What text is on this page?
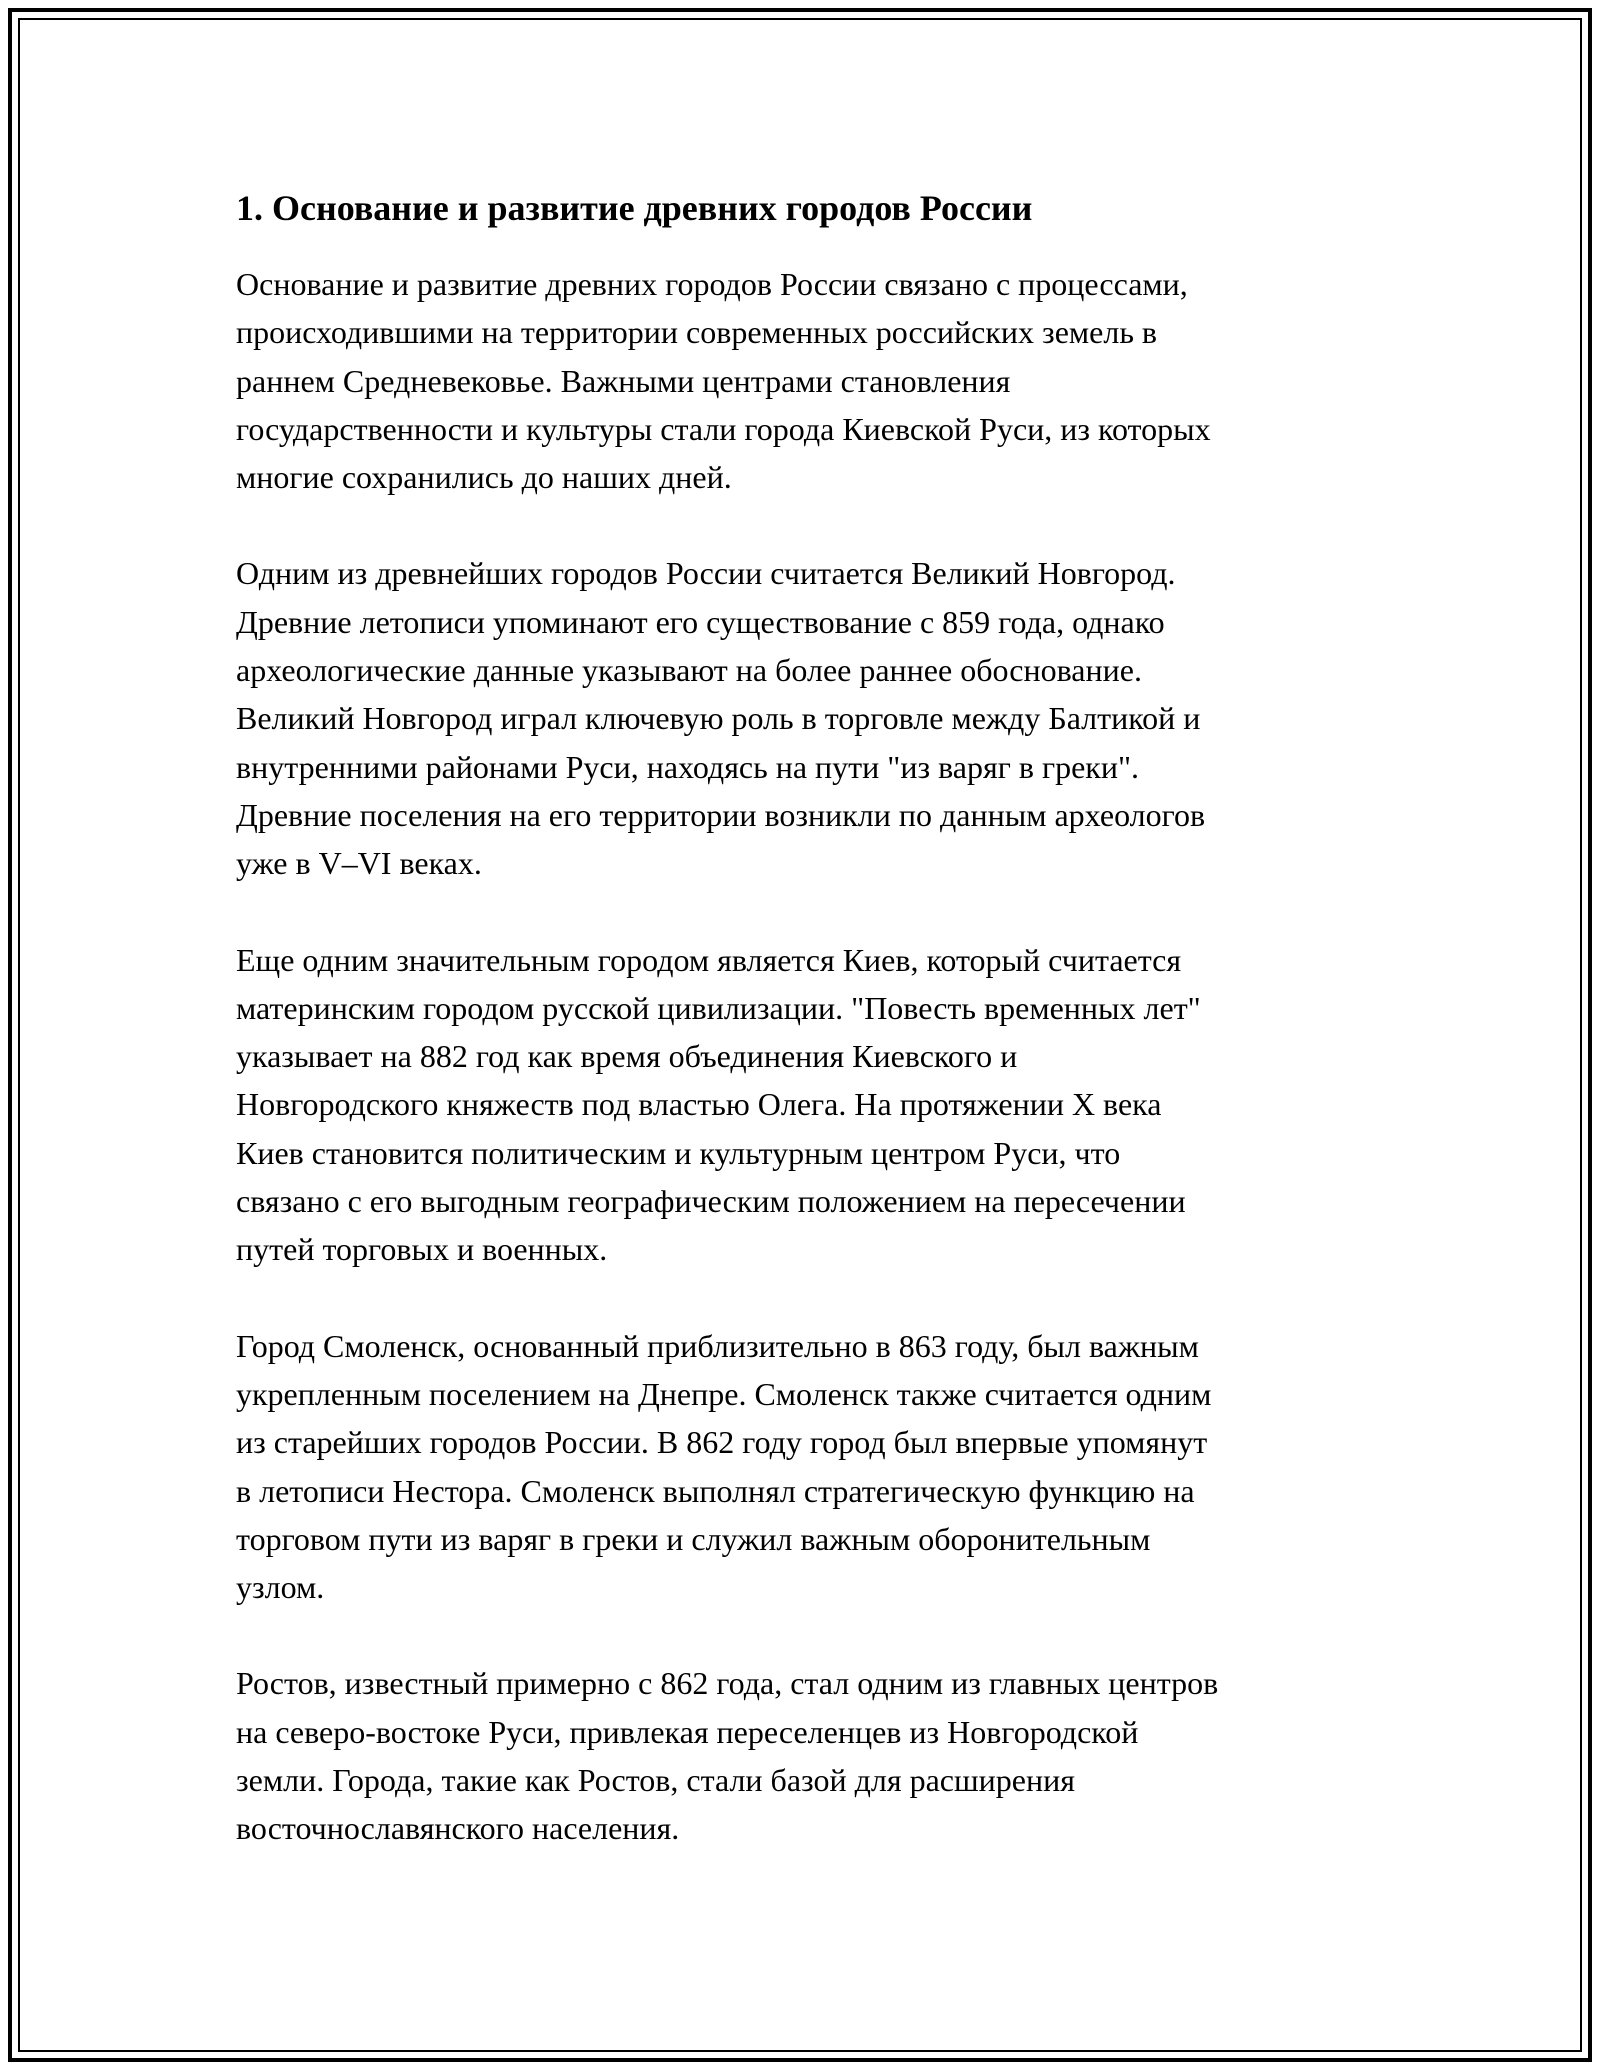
1. Основание и развитие древних городов России

Основание и развитие древних городов России связано с процессами,
происходившими на территории современных российских земель в
раннем Средневековье. Важными центрами становления
государственности и культуры стали города Киевской Руси, из которых
многие сохранились до наших дней.

Одним из древнейших городов России считается Великий Новгород.
Древние летописи упоминают его существование с 859 года, однако
археологические данные указывают на более раннее обоснование.
Великий Новгород играл ключевую роль в торговле между Балтикой и
внутренними районами Руси, находясь на пути "из варяг в греки".
Древние поселения на его территории возникли по данным археологов
уже в V–VI веках.

Еще одним значительным городом является Киев, который считается
материнским городом русской цивилизации. "Повесть временных лет"
указывает на 882 год как время объединения Киевского и
Новгородского княжеств под властью Олега. На протяжении X века
Киев становится политическим и культурным центром Руси, что
связано с его выгодным географическим положением на пересечении
путей торговых и военных.

Город Смоленск, основанный приблизительно в 863 году, был важным
укрепленным поселением на Днепре. Смоленск также считается одним
из старейших городов России. В 862 году город был впервые упомянут
в летописи Нестора. Смоленск выполнял стратегическую функцию на
торговом пути из варяг в греки и служил важным оборонительным
узлом.

Ростов, известный примерно с 862 года, стал одним из главных центров
на северо-востоке Руси, привлекая переселенцев из Новгородской
земли. Города, такие как Ростов, стали базой для расширения
восточнославянского населения.
